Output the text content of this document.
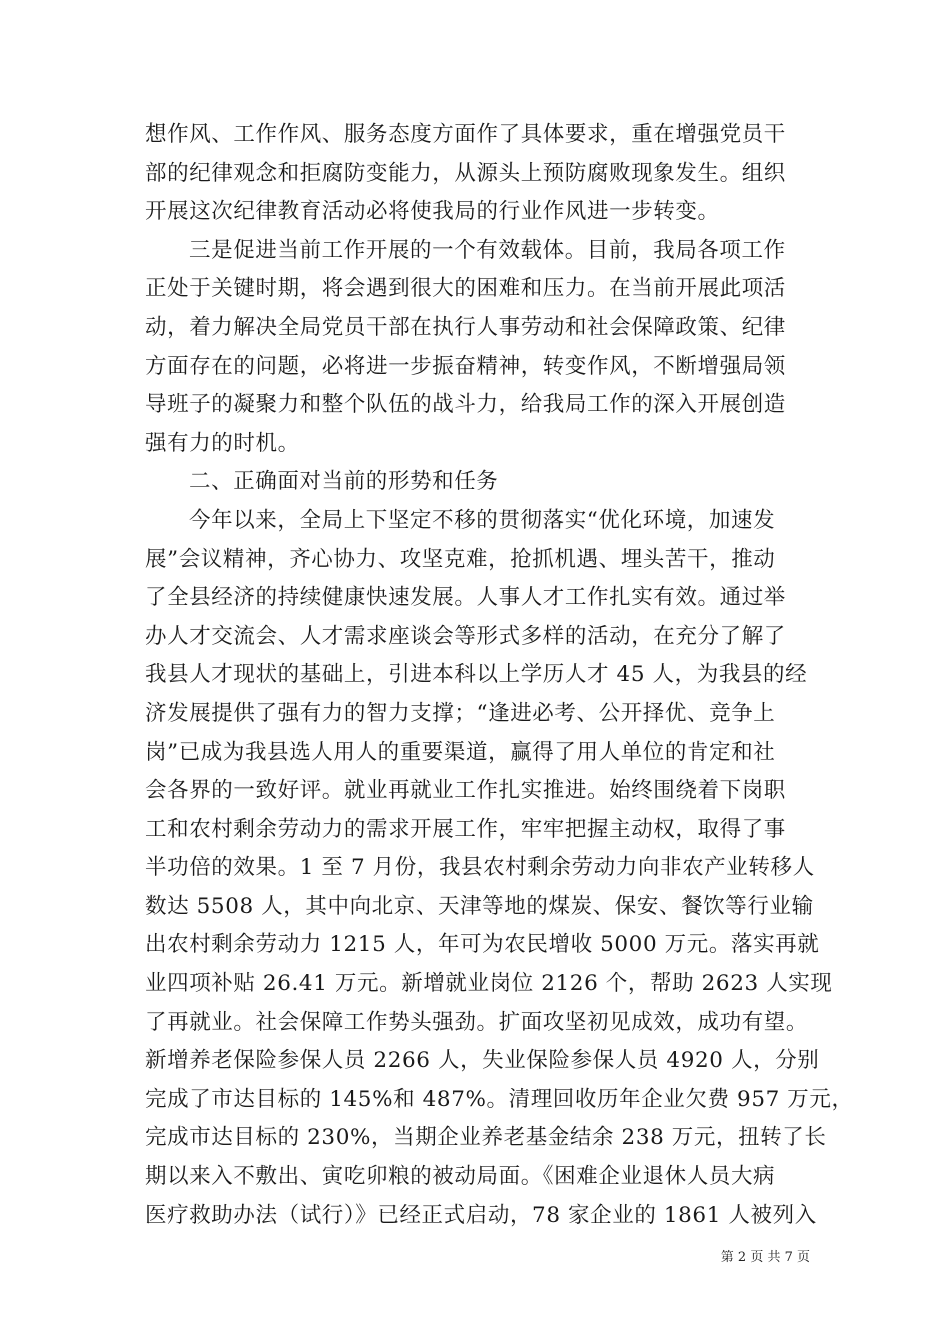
想作风、工作作风、服务态度方面作了具体要求，重在增强党员干
部的纪律观念和拒腐防变能力，从源头上预防腐败现象发生。组织
开展这次纪律教育活动必将使我局的行业作风进一步转变。
三是促进当前工作开展的一个有效载体。目前，我局各项工作
正处于关键时期，将会遇到很大的困难和压力。在当前开展此项活
动，着力解决全局党员干部在执行人事劳动和社会保障政策、纪律
方面存在的问题，必将进一步振奋精神，转变作风，不断增强局领
导班子的凝聚力和整个队伍的战斗力，给我局工作的深入开展创造
强有力的时机。
二、正确面对当前的形势和任务
今年以来，全局上下坚定不移的贯彻落实“优化环境，加速发
展”会议精神，齐心协力、攻坚克难，抢抓机遇、埋头苦干，推动
了全县经济的持续健康快速发展。人事人才工作扎实有效。通过举
办人才交流会、人才需求座谈会等形式多样的活动，在充分了解了
我县人才现状的基础上，引进本科以上学历人才 45 人，为我县的经
济发展提供了强有力的智力支撑；“逢进必考、公开择优、竞争上
岗”已成为我县选人用人的重要渠道，赢得了用人单位的肯定和社
会各界的一致好评。就业再就业工作扎实推进。始终围绕着下岗职
工和农村剩余劳动力的需求开展工作，牢牢把握主动权，取得了事
半功倍的效果。1 至 7 月份，我县农村剩余劳动力向非农产业转移人
数达 5508 人，其中向北京、天津等地的煤炭、保安、餐饮等行业输
出农村剩余劳动力 1215 人，年可为农民增收 5000 万元。落实再就
业四项补贴 26.41 万元。新增就业岗位 2126 个，帮助 2623 人实现
了再就业。社会保障工作势头强劲。扩面攻坚初见成效，成功有望。
新增养老保险参保人员 2266 人，失业保险参保人员 4920 人，分别
完成了市达目标的 145%和 487%。清理回收历年企业欠费 957 万元，
完成市达目标的 230%，当期企业养老基金结余 238 万元，扭转了长
期以来入不敷出、寅吃卯粮的被动局面。《困难企业退休人员大病
医疗救助办法（试行）》已经正式启动，78 家企业的 1861 人被列入
第 2 页 共 7 页
